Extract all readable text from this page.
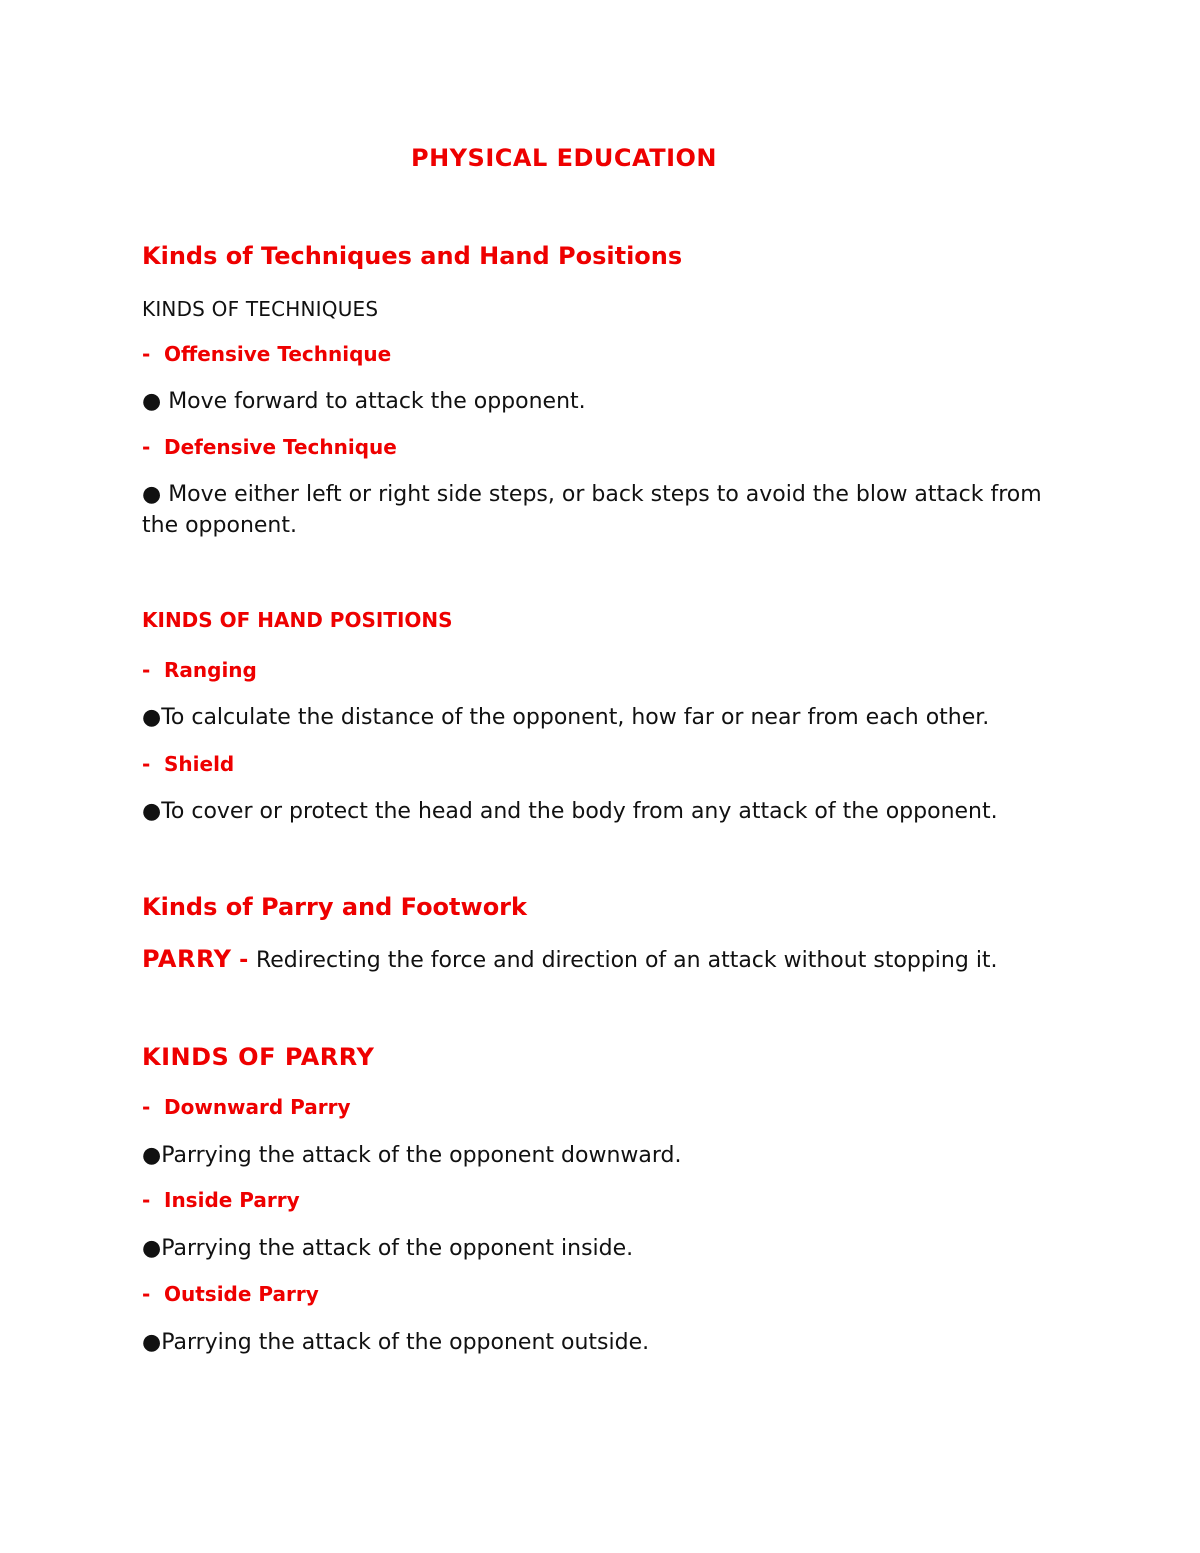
PHYSICAL EDUCATION
Kinds of Techniques and Hand Positions
KINDS OF TECHNIQUES
- Offensive Technique

● Move forward to attack the opponent.

- Defensive Technique

● Move either left or right side steps, or back steps to avoid the blow attack from the opponent.

KINDS OF HAND POSITIONS
- Ranging

●To calculate the distance of the opponent, how far or near from each other.

- Shield

●To cover or protect the head and the body from any attack of the opponent.

Kinds of Parry and Footwork
PARRY - Redirecting the force and direction of an attack without stopping it.
KINDS OF PARRY
- Downward Parry

●Parrying the attack of the opponent downward.

- Inside Parry

●Parrying the attack of the opponent inside.

- Outside Parry

●Parrying the attack of the opponent outside.
